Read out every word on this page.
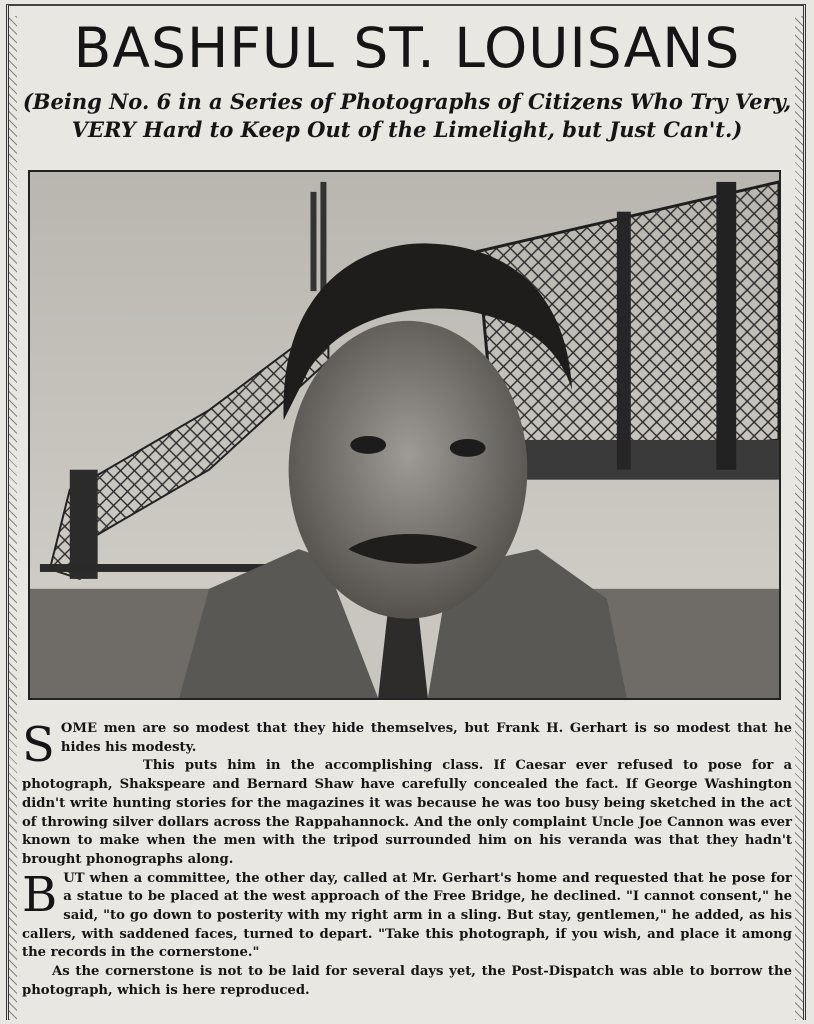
BASHFUL ST. LOUISANS
(Being No. 6 in a Series of Photographs of Citizens Who Try Very,
VERY Hard to Keep Out of the Limelight, but Just Can't.)

SOME men are so modest that they hide themselves, but Frank H. Gerhart is so modest that he hides his modesty.

This puts him in the accomplishing class. If Caesar ever refused to pose for a photograph, Shakspeare and Bernard Shaw have carefully concealed the fact. If George Washington didn't write hunting stories for the magazines it was because he was too busy being sketched in the act of throwing silver dollars across the Rappahannock. And the only complaint Uncle Joe Cannon was ever known to make when the men with the tripod surrounded him on his veranda was that they hadn't brought phonographs along.

BUT when a committee, the other day, called at Mr. Gerhart's home and requested that he pose for a statue to be placed at the west approach of the Free Bridge, he declined. "I cannot consent," he said, "to go down to posterity with my right arm in a sling. But stay, gentlemen," he added, as his callers, with saddened faces, turned to depart. "Take this photograph, if you wish, and place it among the records in the cornerstone."

As the cornerstone is not to be laid for several days yet, the Post-Dispatch was able to borrow the photograph, which is here reproduced.
